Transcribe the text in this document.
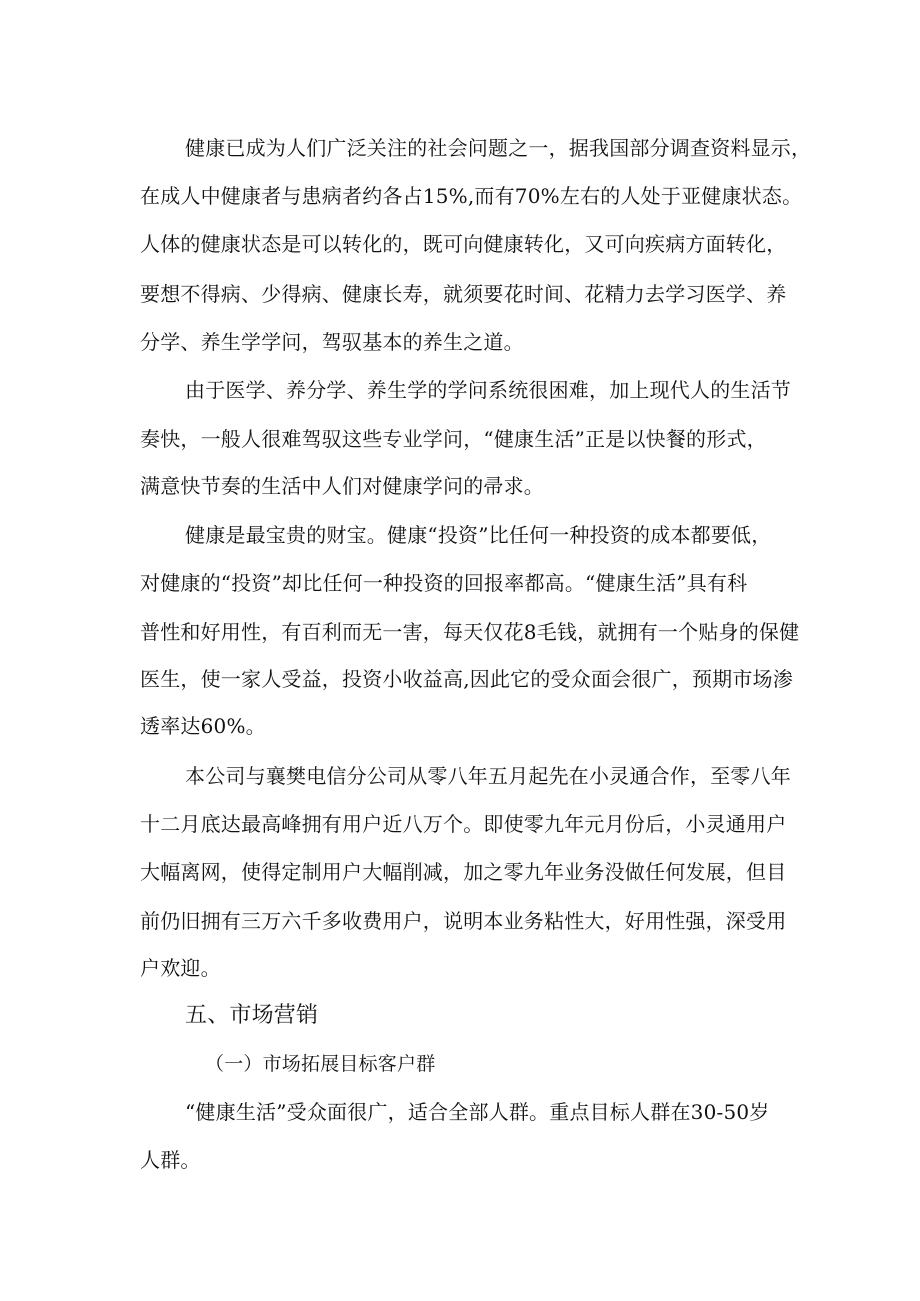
健康已成为人们广泛关注的社会问题之一，据我国部分调查资料显示，
在成人中健康者与患病者约各占15%,而有70%左右的人处于亚健康状态。
人体的健康状态是可以转化的，既可向健康转化，又可向疾病方面转化，
要想不得病、少得病、健康长寿，就须要花时间、花精力去学习医学、养
分学、养生学学问，驾驭基本的养生之道。
由于医学、养分学、养生学的学问系统很困难，加上现代人的生活节
奏快，一般人很难驾驭这些专业学问，“健康生活”正是以快餐的形式，
满意快节奏的生活中人们对健康学问的帚求。
健康是最宝贵的财宝。健康“投资”比任何一种投资的成本都要低，
对健康的“投资”却比任何一种投资的回报率都高。“健康生活”具有科
普性和好用性，有百利而无一害，每天仅花8毛钱，就拥有一个贴身的保健
医生，使一家人受益，投资小收益高,因此它的受众面会很广，预期市场渗
透率达60%。
本公司与襄樊电信分公司从零八年五月起先在小灵通合作，至零八年
十二月底达最高峰拥有用户近八万个。即使零九年元月份后，小灵通用户
大幅离网，使得定制用户大幅削减，加之零九年业务没做任何发展，但目
前仍旧拥有三万六千多收费用户，说明本业务粘性大，好用性强，深受用
户欢迎。
五、市场营销
（一）市场拓展目标客户群
“健康生活”受众面很广，适合全部人群。重点目标人群在30-50岁
人群。
